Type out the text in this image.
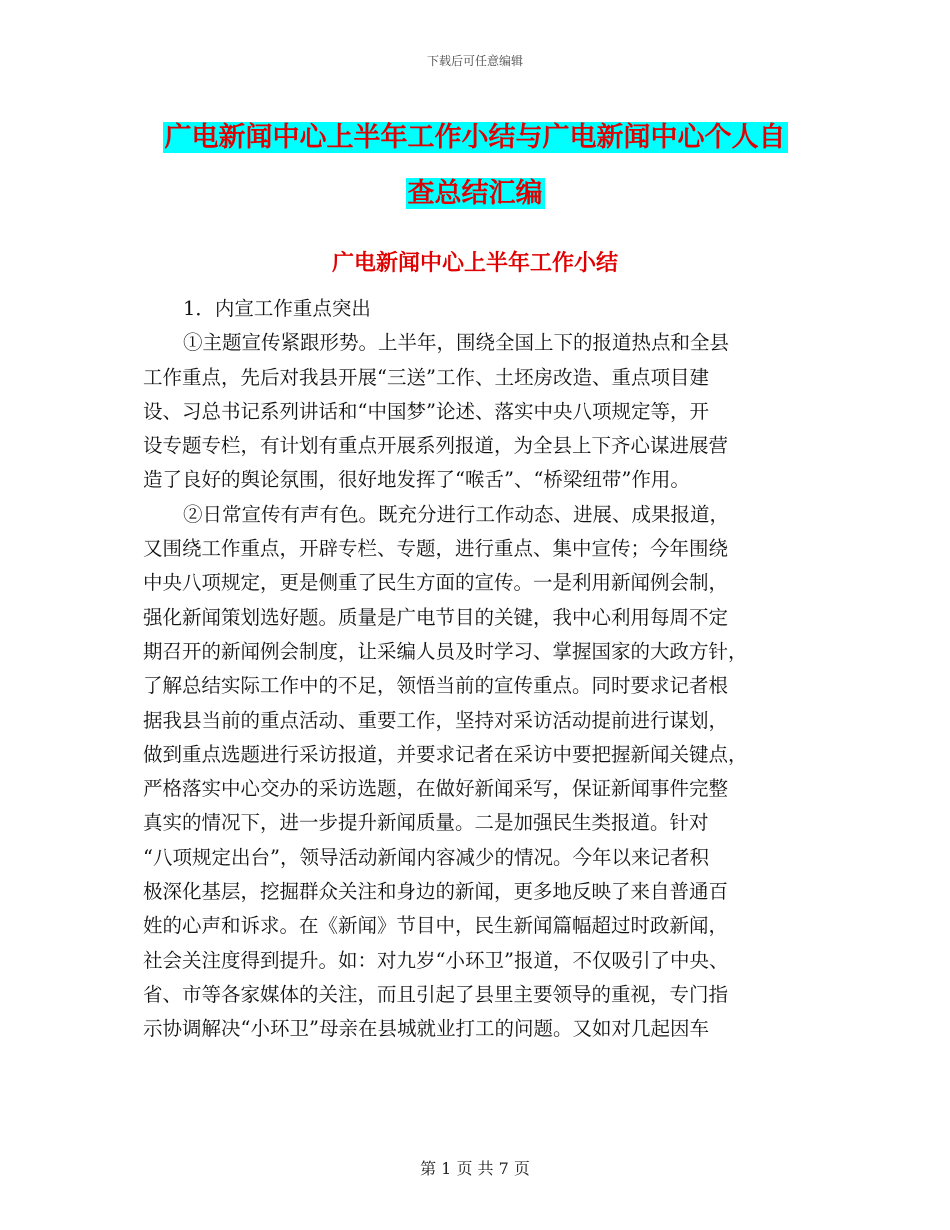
下载后可任意编辑
广电新闻中心上半年工作小结与广电新闻中心个人自
查总结汇编
广电新闻中心上半年工作小结

1．内宣工作重点突出

①主题宣传紧跟形势。上半年，围绕全国上下的报道热点和全县
工作重点，先后对我县开展“三送”工作、土坯房改造、重点项目建
设、习总书记系列讲话和“中国梦”论述、落实中央八项规定等，开
设专题专栏，有计划有重点开展系列报道，为全县上下齐心谋进展营
造了良好的舆论氛围，很好地发挥了“喉舌”、“桥梁纽带”作用。

②日常宣传有声有色。既充分进行工作动态、进展、成果报道，
又围绕工作重点，开辟专栏、专题，进行重点、集中宣传；今年围绕
中央八项规定，更是侧重了民生方面的宣传。一是利用新闻例会制，
强化新闻策划选好题。质量是广电节目的关键，我中心利用每周不定
期召开的新闻例会制度，让采编人员及时学习、掌握国家的大政方针，
了解总结实际工作中的不足，领悟当前的宣传重点。同时要求记者根
据我县当前的重点活动、重要工作，坚持对采访活动提前进行谋划，
做到重点选题进行采访报道，并要求记者在采访中要把握新闻关键点，
严格落实中心交办的采访选题，在做好新闻采写，保证新闻事件完整
真实的情况下，进一步提升新闻质量。二是加强民生类报道。针对
“八项规定出台”，领导活动新闻内容减少的情况。今年以来记者积
极深化基层，挖掘群众关注和身边的新闻，更多地反映了来自普通百
姓的心声和诉求。在《新闻》节目中，民生新闻篇幅超过时政新闻，
社会关注度得到提升。如：对九岁“小环卫”报道，不仅吸引了中央、
省、市等各家媒体的关注，而且引起了县里主要领导的重视，专门指
示协调解决“小环卫”母亲在县城就业打工的问题。又如对几起因车

第 1 页 共 7 页
